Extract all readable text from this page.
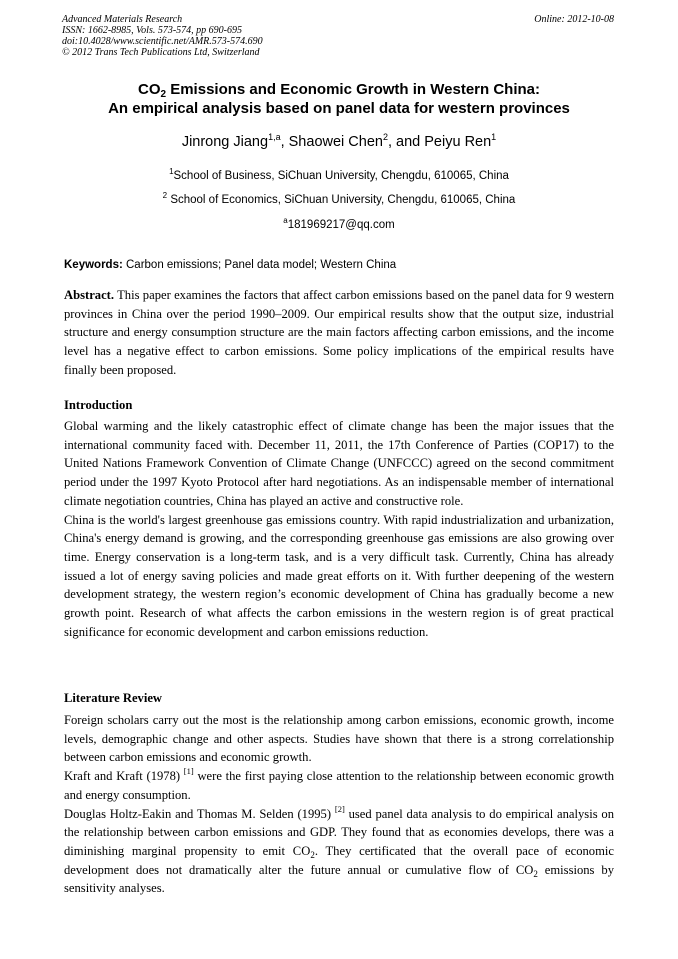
Advanced Materials Research
ISSN: 1662-8985, Vols. 573-574, pp 690-695
doi:10.4028/www.scientific.net/AMR.573-574.690
© 2012 Trans Tech Publications Ltd, Switzerland
Online: 2012-10-08
$CO_2$ Emissions and Economic Growth in Western China:
An empirical analysis based on panel data for western provinces
Jinrong Jiang$^{1,a}$, Shaowei Chen$^2$, and Peiyu Ren$^1$
$^1$School of Business, SiChuan University, Chengdu, 610065, China
$^2$ School of Economics, SiChuan University, Chengdu, 610065, China
$^a$181969217@qq.com
Keywords: Carbon emissions; Panel data model; Western China

Abstract. This paper examines the factors that affect carbon emissions based on the panel data for 9 western provinces in China over the period 1990–2009. Our empirical results show that the output size, industrial structure and energy consumption structure are the main factors affecting carbon emissions, and the income level has a negative effect to carbon emissions. Some policy implications of the empirical results have finally been proposed.

Introduction

Global warming and the likely catastrophic effect of climate change has been the major issues that the international community faced with. December 11, 2011, the 17th Conference of Parties (COP17) to the United Nations Framework Convention of Climate Change (UNFCCC) agreed on the second commitment period under the 1997 Kyoto Protocol after hard negotiations. As an indispensable member of international climate negotiation countries, China has played an active and constructive role.

China is the world's largest greenhouse gas emissions country. With rapid industrialization and urbanization, China's energy demand is growing, and the corresponding greenhouse gas emissions are also growing over time. Energy conservation is a long-term task, and is a very difficult task. Currently, China has already issued a lot of energy saving policies and made great efforts on it. With further deepening of the western development strategy, the western region’s economic development of China has gradually become a new growth point. Research of what affects the carbon emissions in the western region is of great practical significance for economic development and carbon emissions reduction.

Literature Review

Foreign scholars carry out the most is the relationship among carbon emissions, economic growth, income levels, demographic change and other aspects. Studies have shown that there is a strong correlationship between carbon emissions and economic growth.

Kraft and Kraft (1978) [1] were the first paying close attention to the relationship between economic growth and energy consumption.

Douglas Holtz-Eakin and Thomas M. Selden (1995) [2] used panel data analysis to do empirical analysis on the relationship between carbon emissions and GDP. They found that as economies develops, there was a diminishing marginal propensity to emit $CO_2$. They certificated that the overall pace of economic development does not dramatically alter the future annual or cumulative flow of $CO_2$ emissions by sensitivity analyses.
